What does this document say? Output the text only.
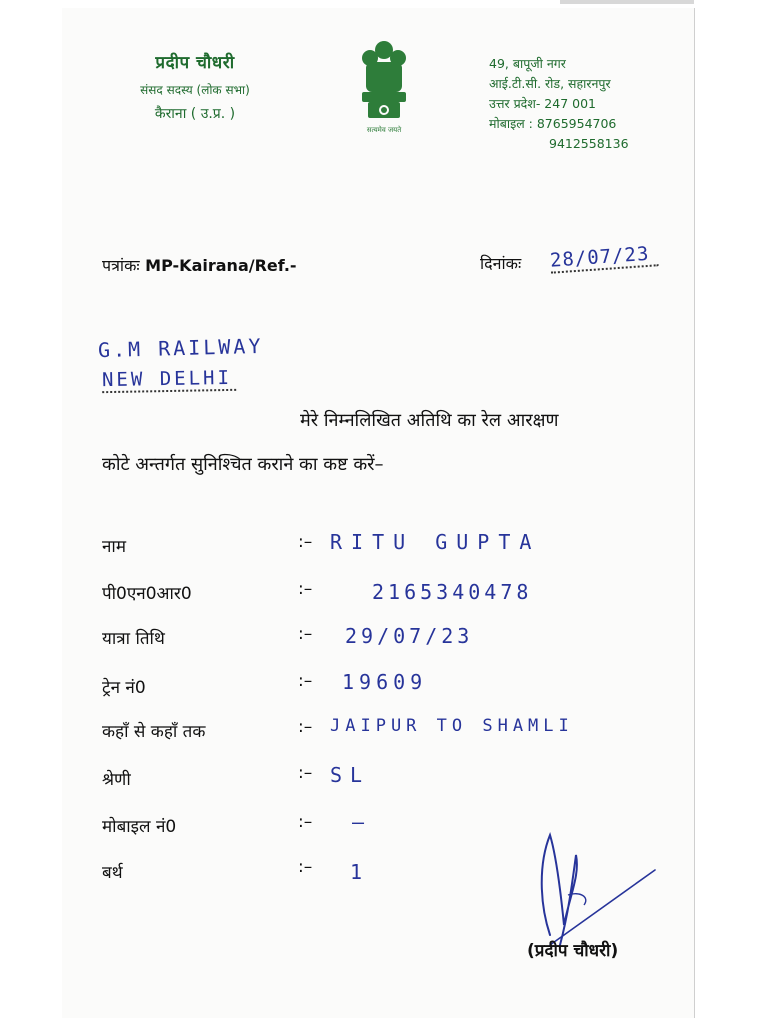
प्रदीप चौधरी
संसद सदस्य (लोक सभा)
कैराना ( उ.प्र. )
सत्यमेव जयते
49, बापूजी नगर
आई.टी.सी. रोड, सहारनपुर
उत्तर प्रदेश- 247 001
मोबाइल : 8765954706
9412558136
पत्रांकः MP-Kairana/Ref.-	दिनांकः 28/07/23
G.M RAILWAY
NEW DELHI
मेरे निम्नलिखित अतिथि का रेल आरक्षण
कोटे अन्तर्गत सुनिश्चित कराने का कष्ट करें–
नाम	:– RITU GUPTA
पी0एन0आर0	:–	2165340478
यात्रा तिथि	:– 29/07/23
ट्रेन नं0	:– 19609
कहाँ से कहाँ तक	:– JAIPUR TO SHAMLI
श्रेणी	:– SL
मोबाइल नं0	:– –
बर्थ	:– 1
(प्रदीप चौधरी)
